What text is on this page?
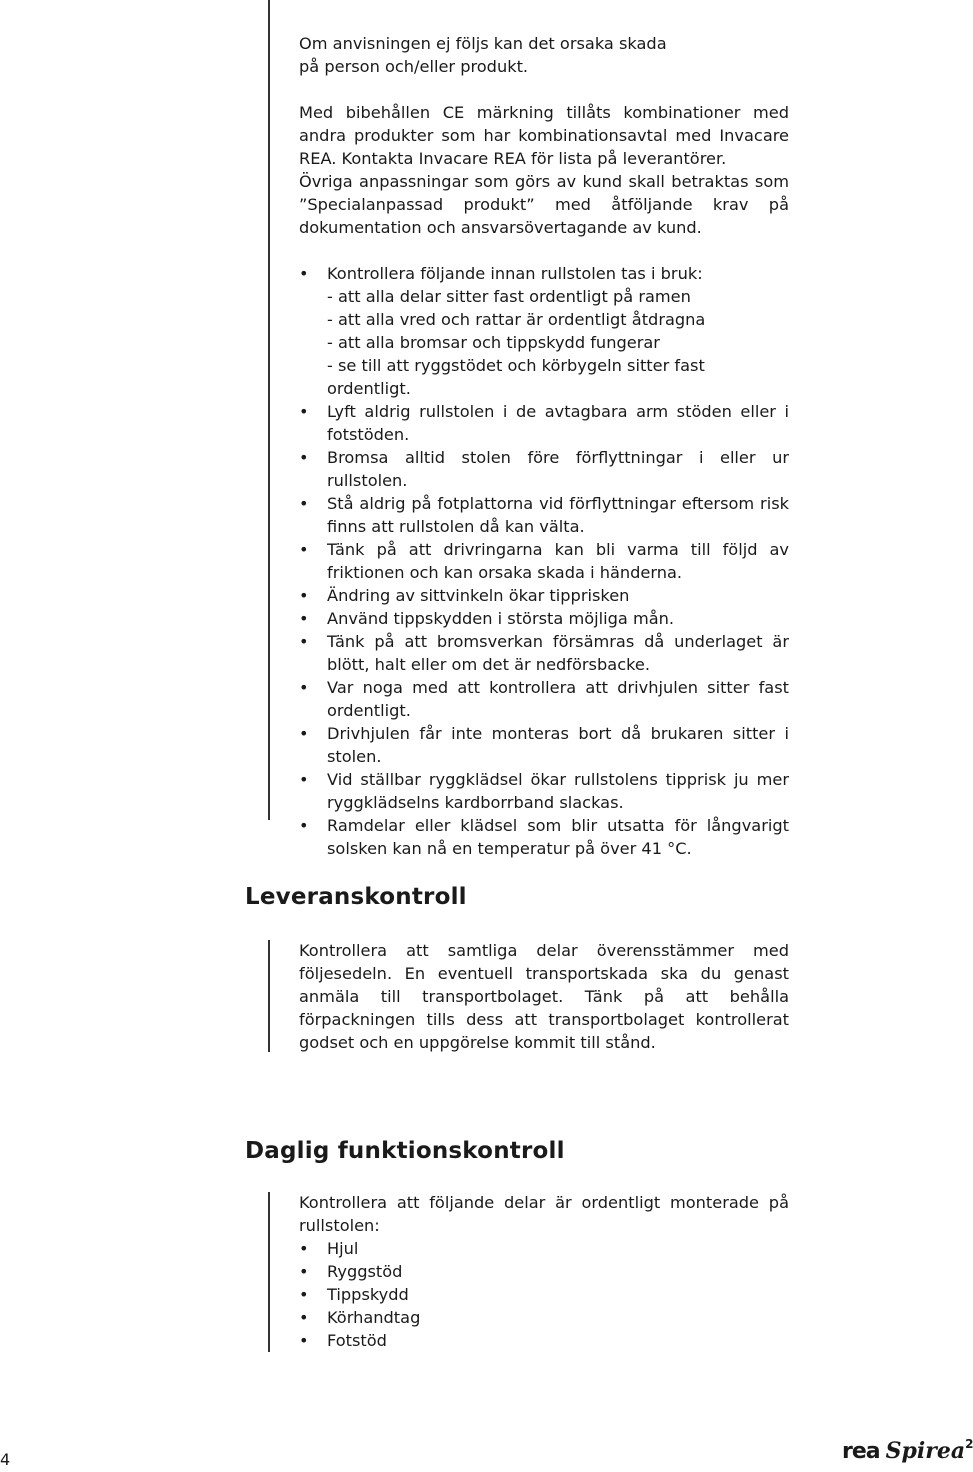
Om anvisningen ej följs kan det orsaka skada
på person och/eller produkt.

Med bibehållen CE märkning tillåts kombinationer med andra produkter som har kombinationsavtal med Invacare REA. Kontakta Invacare REA för lista på leverantörer.

Övriga anpassningar som görs av kund skall betraktas som ”Specialanpassad produkt” med åtföljande krav på dokumentation och ansvarsövertagande av kund.

• Kontrollera följande innan rullstolen tas i bruk:
- att alla delar sitter fast ordentligt på ramen
- att alla vred och rattar är ordentligt åtdragna
- att alla bromsar och tippskydd fungerar
- se till att ryggstödet och körbygeln sitter fast ordentligt.
• Lyft aldrig rullstolen i de avtagbara arm stöden eller i fotstöden.
• Bromsa alltid stolen före förflyttningar i eller ur rullstolen.
• Stå aldrig på fotplattorna vid förflyttningar eftersom risk finns att rullstolen då kan välta.
• Tänk på att drivringarna kan bli varma till följd av friktionen och kan orsaka skada i händerna.
• Ändring av sittvinkeln ökar tipprisken
• Använd tippskydden i största möjliga mån.
• Tänk på att bromsverkan försämras då underlaget är blött, halt eller om det är nedförsbacke.
• Var noga med att kontrollera att drivhjulen sitter fast ordentligt.
• Drivhjulen får inte monteras bort då brukaren sitter i stolen.
• Vid ställbar ryggklädsel ökar rullstolens tipprisk ju mer ryggklädselns kardborrband slackas.
• Ramdelar eller klädsel som blir utsatta för långvarigt solsken kan nå en temperatur på över 41 °C.
Leveranskontroll

Kontrollera att samtliga delar överensstämmer med följesedeln. En eventuell transportskada ska du genast anmäla till transportbolaget. Tänk på att behålla förpackningen tills dess att transportbolaget kontrollerat godset och en uppgörelse kommit till stånd.

Daglig funktionskontroll

Kontrollera att följande delar är ordentligt monterade på rullstolen:

• Hjul
• Ryggstöd
• Tippskydd
• Körhandtag
• Fotstöd
4	rea Spirea 2
